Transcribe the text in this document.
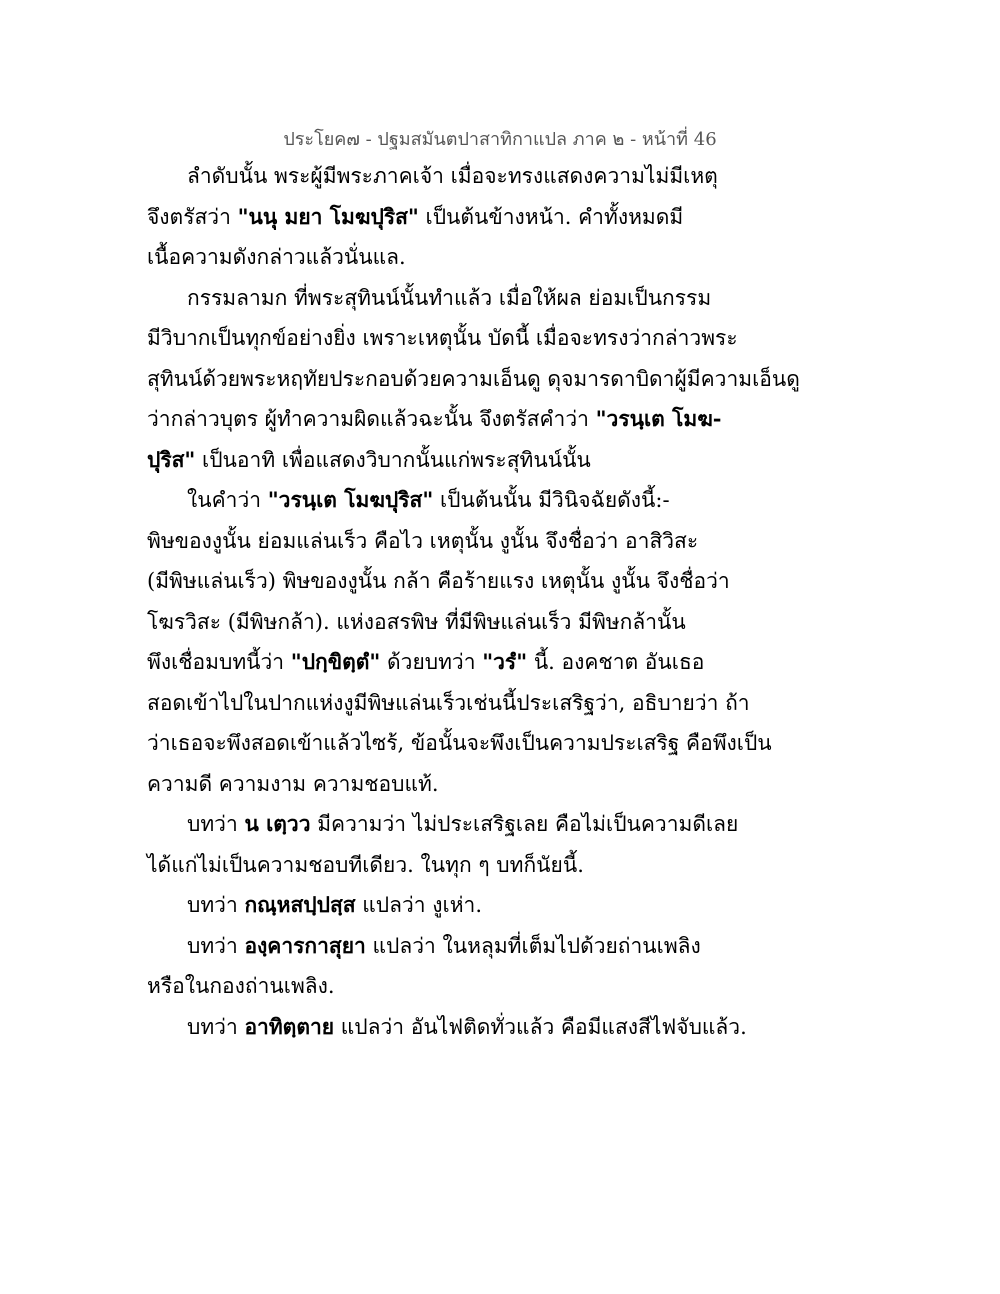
ประโยค๗ - ปฐมสมันตปาสาทิกาแปล ภาค ๒ - หน้าที่ 46
ลำดับนั้น พระผู้มีพระภาคเจ้า เมื่อจะทรงแสดงความไม่มีเหตุ
จึงตรัสว่า "นนุ มยา โมฆปุริส" เป็นต้นข้างหน้า. คำทั้งหมดมี
เนื้อความดังกล่าวแล้วนั่นแล.
กรรมลามก ที่พระสุทินน์นั้นทำแล้ว เมื่อให้ผล ย่อมเป็นกรรม
มีวิบากเป็นทุกข์อย่างยิ่ง เพราะเหตุนั้น บัดนี้ เมื่อจะทรงว่ากล่าวพระ
สุทินน์ด้วยพระหฤทัยประกอบด้วยความเอ็นดู ดุจมารดาบิดาผู้มีความเอ็นดู
ว่ากล่าวบุตร ผู้ทำความผิดแล้วฉะนั้น จึงตรัสคำว่า "วรนฺเต โมฆ-
ปุริส" เป็นอาทิ เพื่อแสดงวิบากนั้นแก่พระสุทินน์นั้น
ในคำว่า "วรนฺเต โมฆปุริส" เป็นต้นนั้น มีวินิจฉัยดังนี้:-
พิษของงูนั้น ย่อมแล่นเร็ว คือไว เหตุนั้น งูนั้น จึงชื่อว่า อาสิวิสะ
(มีพิษแล่นเร็ว) พิษของงูนั้น กล้า คือร้ายแรง เหตุนั้น งูนั้น จึงชื่อว่า
โฆรวิสะ (มีพิษกล้า). แห่งอสรพิษ ที่มีพิษแล่นเร็ว มีพิษกล้านั้น
พึงเชื่อมบทนี้ว่า "ปกฺขิตฺตํ" ด้วยบทว่า "วรํ" นี้. องคชาต อันเธอ
สอดเข้าไปในปากแห่งงูมีพิษแล่นเร็วเช่นนี้ประเสริฐว่า, อธิบายว่า ถ้า
ว่าเธอจะพึงสอดเข้าแล้วไซร้, ข้อนั้นจะพึงเป็นความประเสริฐ คือพึงเป็น
ความดี ความงาม ความชอบแท้.
บทว่า น เตฺวว มีความว่า ไม่ประเสริฐเลย คือไม่เป็นความดีเลย
ได้แก่ไม่เป็นความชอบทีเดียว. ในทุก ๆ บทก็นัยนี้.
บทว่า กณฺหสปฺปสฺส แปลว่า งูเห่า.
บทว่า องฺคารกาสุยา แปลว่า ในหลุมที่เต็มไปด้วยถ่านเพลิง
หรือในกองถ่านเพลิง.
บทว่า อาทิตฺตาย แปลว่า อันไฟติดทั่วแล้ว คือมีแสงสีไฟจับแล้ว.
